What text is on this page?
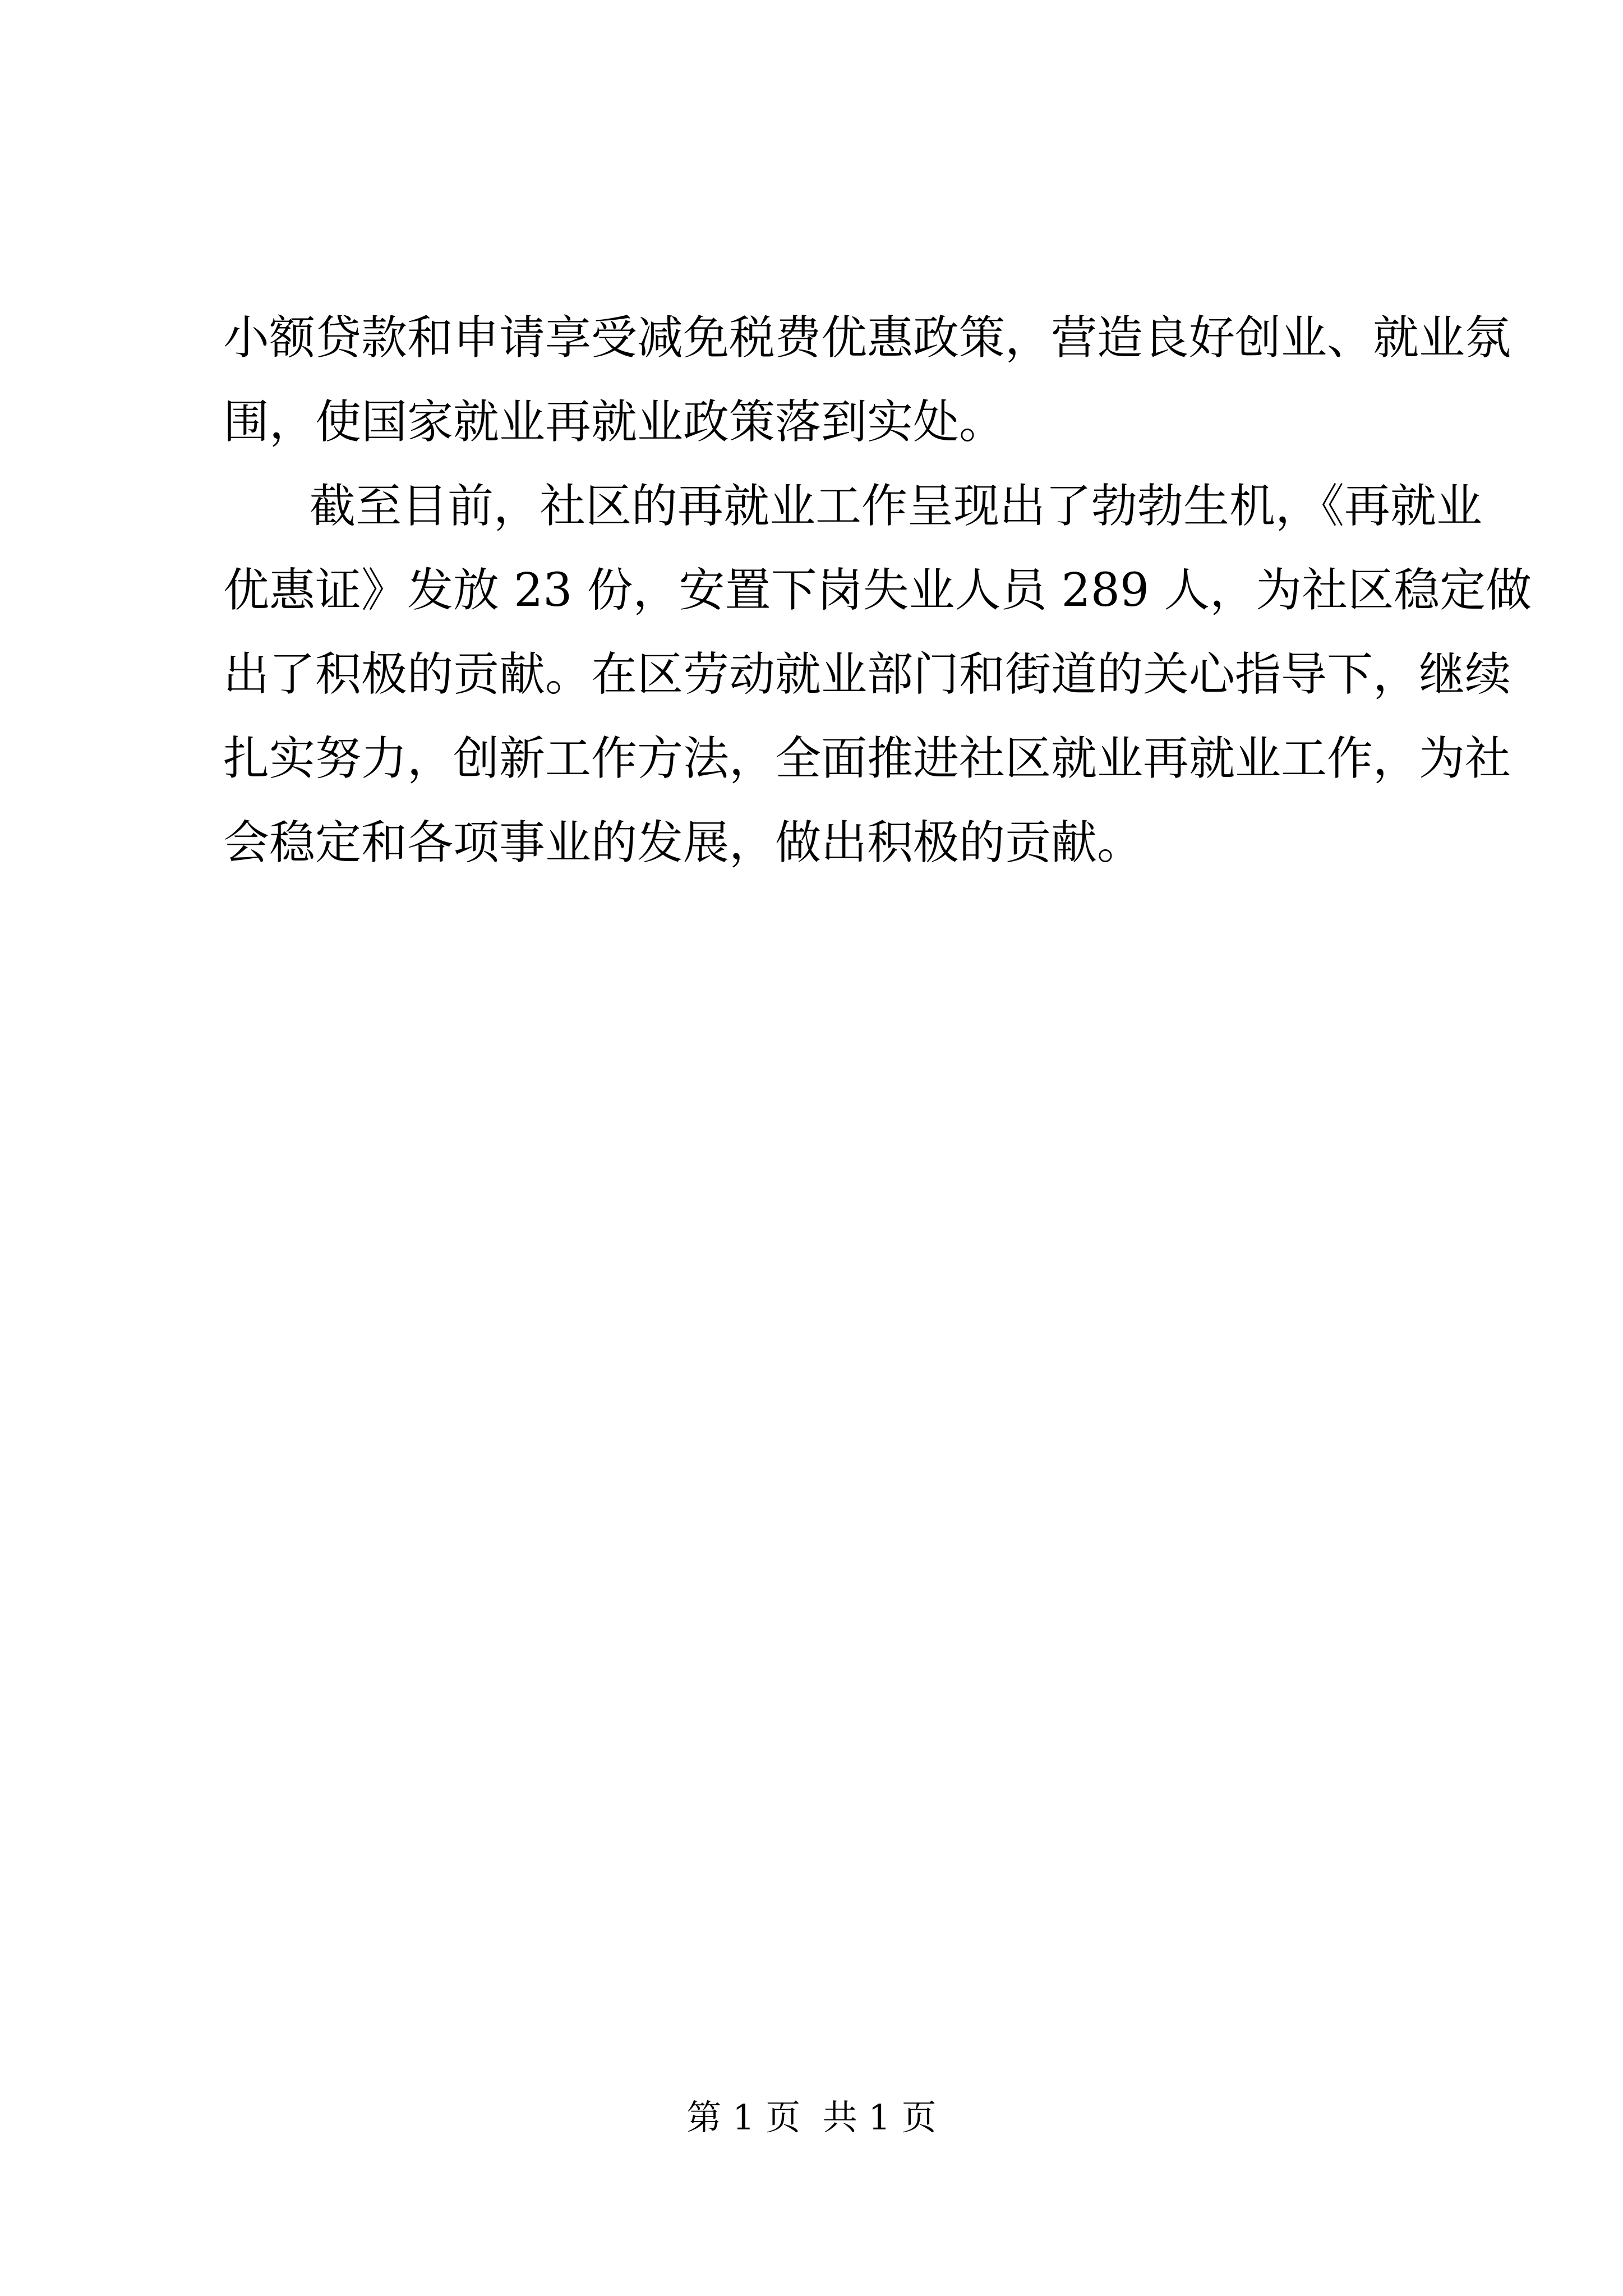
小额贷款和申请享受减免税费优惠政策，营造良好创业、就业氛
围，使国家就业再就业政策落到实处。
截至目前，社区的再就业工作呈现出了勃勃生机，《再就业
优惠证》发放 23 份，安置下岗失业人员 289 人，为社区稳定做
出了积极的贡献。在区劳动就业部门和街道的关心指导下，继续
扎实努力，创新工作方法，全面推进社区就业再就业工作，为社
会稳定和各项事业的发展，做出积极的贡献。
第 1 页  共 1 页
